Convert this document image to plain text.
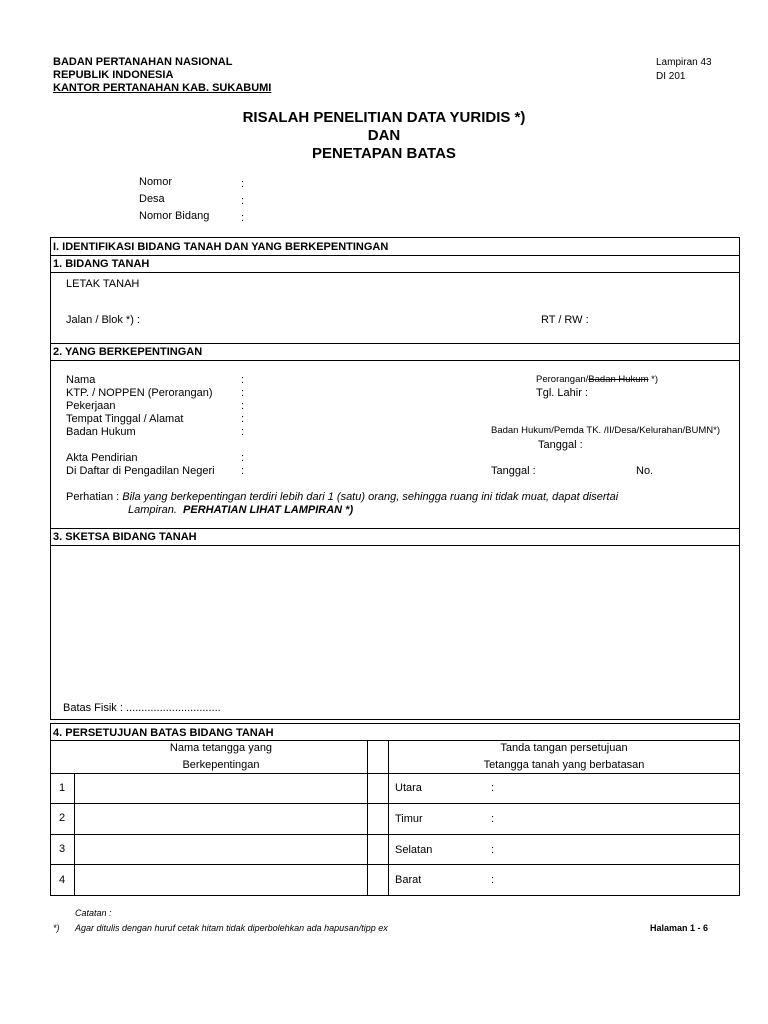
BADAN PERTANAHAN NASIONAL
REPUBLIK INDONESIA
KANTOR PERTANAHAN KAB. SUKABUMI
Lampiran 43
DI 201
RISALAH PENELITIAN DATA YURIDIS *)
DAN
PENETAPAN BATAS
Nomor	:
Desa	:
Nomor Bidang	:
I. IDENTIFIKASI BIDANG TANAH DAN YANG BERKEPENTINGAN
1. BIDANG TANAH
LETAK TANAH
Jalan / Blok *) :	RT / RW :
2. YANG BERKEPENTINGAN
Nama	:
KTP. / NOPPEN (Perorangan)	:
Pekerjaan	:
Tempat Tinggal / Alamat	:
Badan Hukum	:
Akta Pendirian	:
Di Daftar di Pengadilan Negeri :
Perorangan/Badan Hukum *)
Tgl. Lahir :
Badan Hukum/Pemda TK. /II/Desa/Kelurahan/BUMN*)
Tanggal :
Tanggal :	No.
Perhatian : Bila yang berkepentingan terdiri lebih dari 1 (satu) orang, sehingga ruang ini tidak muat, dapat disertai
Lampiran. PERHATIAN LIHAT LAMPIRAN *)
3. SKETSA BIDANG TANAH
Batas Fisik : ...............................
4. PERSETUJUAN BATAS BIDANG TANAH
Nama tetangga yang
Berkepentingan
Tanda tangan persetujuan
Tetangga tanah yang berbatasan
1	Utara	:
2	Timur	:
3	Selatan	:
4	Barat	:
Catatan :
*) Agar ditulis dengan huruf cetak hitam tidak diperbolehkan ada hapusan/tipp ex	Halaman 1 - 6
